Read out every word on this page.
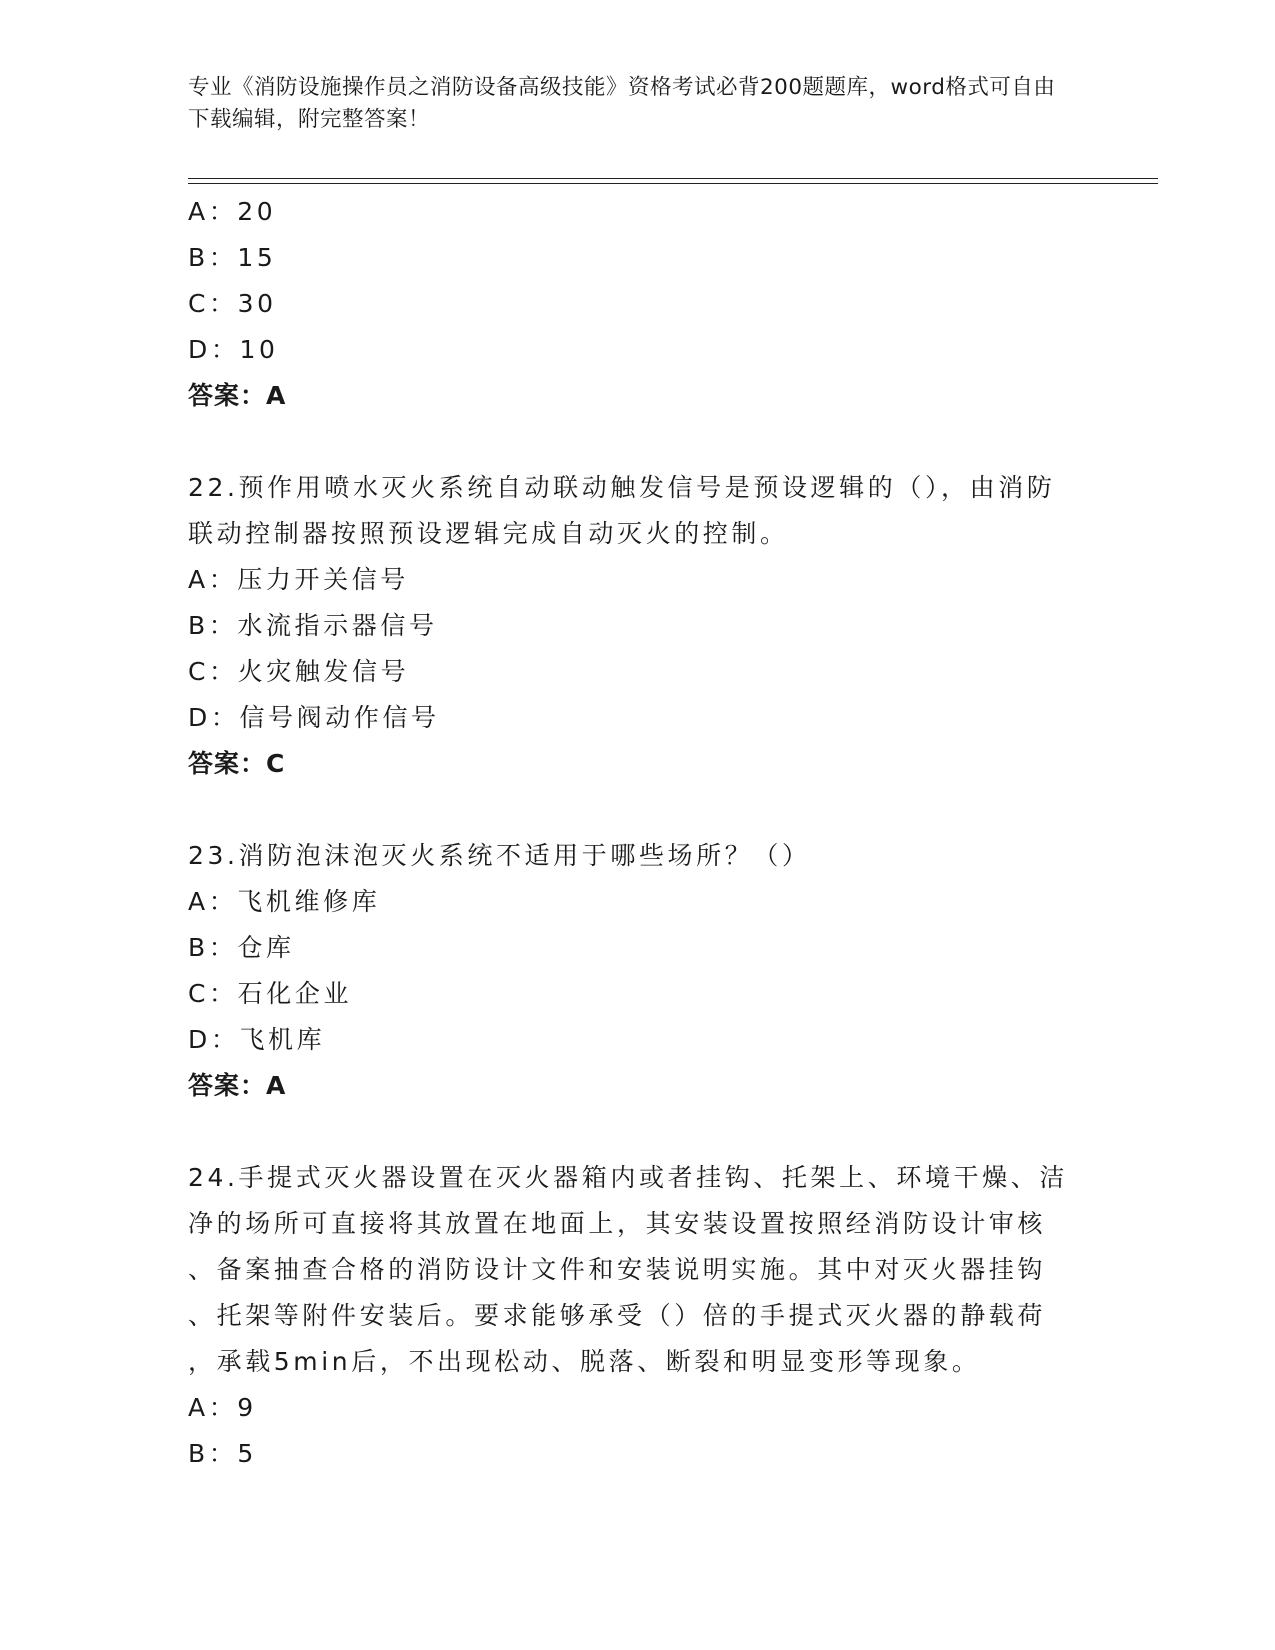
专业《消防设施操作员之消防设备高级技能》资格考试必背200题题库，word格式可自由下载编辑，附完整答案！
A：20
B：15
C：30
D：10
答案：A
22.预作用喷水灭火系统自动联动触发信号是预设逻辑的（），由消防
联动控制器按照预设逻辑完成自动灭火的控制。
A：压力开关信号
B：水流指示器信号
C：火灾触发信号
D：信号阀动作信号
答案：C
23.消防泡沫泡灭火系统不适用于哪些场所？（）
A：飞机维修库
B：仓库
C：石化企业
D：飞机库
答案：A
24.手提式灭火器设置在灭火器箱内或者挂钩、托架上、环境干燥、洁
净的场所可直接将其放置在地面上，其安装设置按照经消防设计审核
、备案抽查合格的消防设计文件和安装说明实施。其中对灭火器挂钩
、托架等附件安装后。要求能够承受（）倍的手提式灭火器的静载荷
，承载5min后，不出现松动、脱落、断裂和明显变形等现象。
A：9
B：5
